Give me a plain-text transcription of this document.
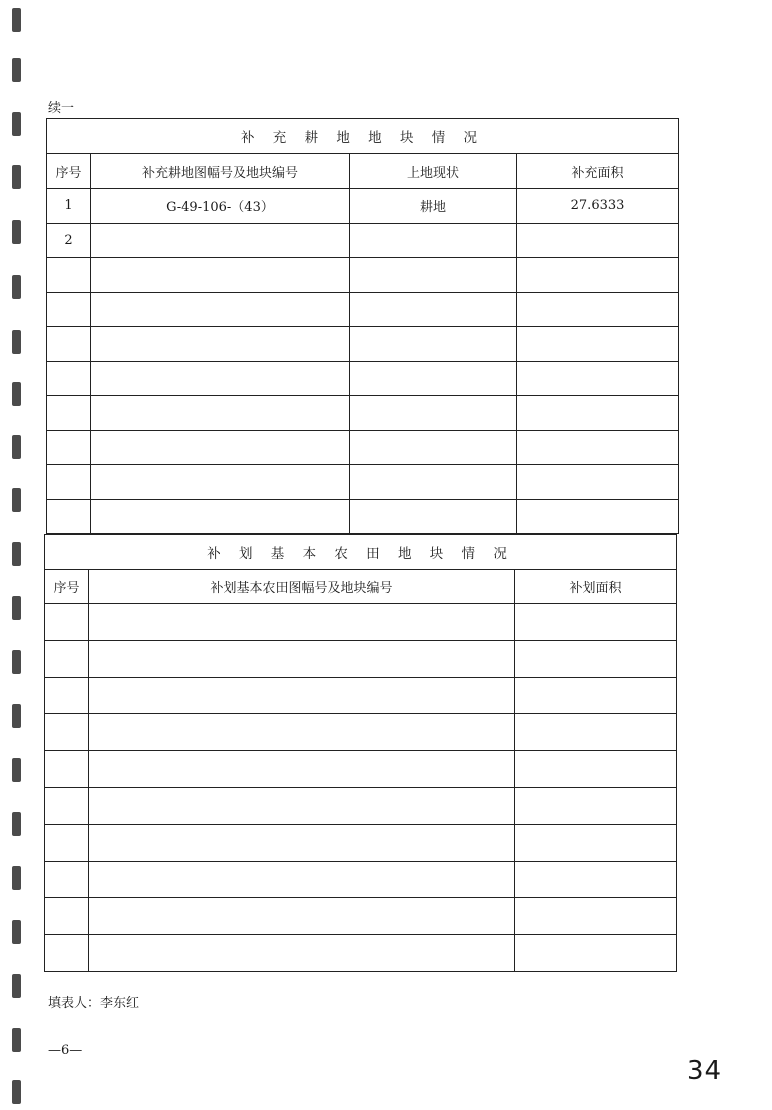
续一
补 充 耕 地 地 块 情 况			
序号	补充耕地图幅号及地块编号	上地现状	补充面积
1	G-49-106-（43）	耕地	27.6333
2			

补 划 基 本 农 田 地 块 情 况		
序号	补划基本农田图幅号及地块编号	补划面积

填表人：李东红
—6—
34
